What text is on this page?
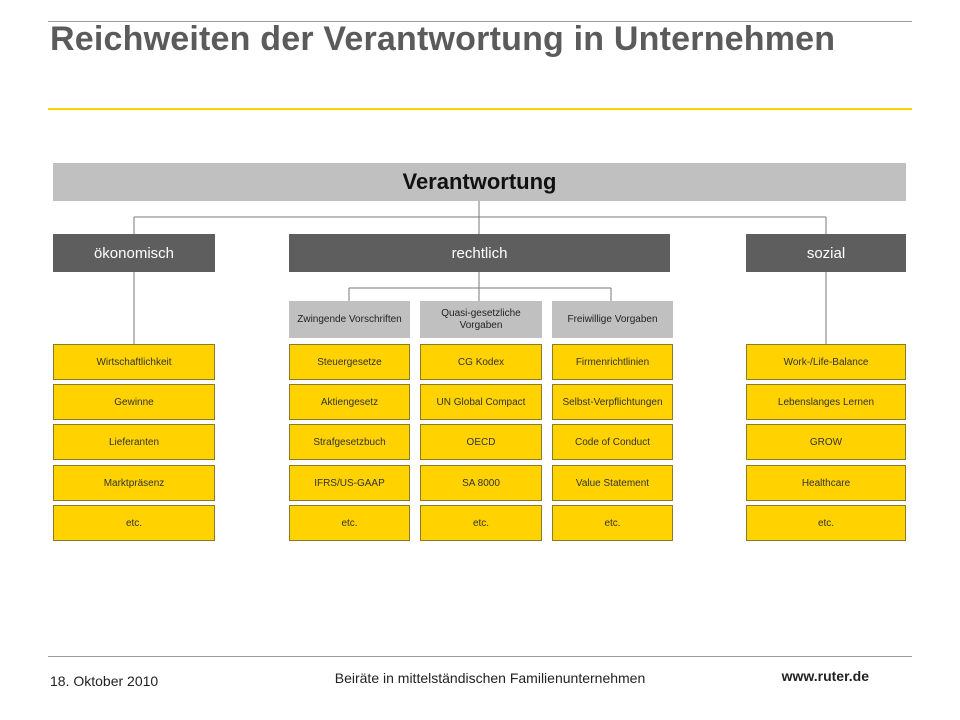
Reichweiten der Verantwortung in Unternehmen
Verantwortung
ökonomisch	rechtlich	sozial
Zwingende Vorschriften
Quasi-gesetzliche Vorgaben
Freiwillige Vorgaben
Wirtschaftlichkeit
Gewinne
Lieferanten
Marktpräsenz
etc.
Steuergesetze
Aktiengesetz
Strafgesetzbuch
IFRS/US-GAAP
etc.
CG Kodex
UN Global Compact
OECD
SA 8000
etc.
Firmenrichtlinien
Selbst-Verpflichtungen
Code of Conduct
Value Statement
etc.
Work-/Life-Balance
Lebenslanges Lernen
GROW
Healthcare
etc.
18. Oktober 2010	Beiräte in mittelständischen Familienunternehmen	www.ruter.de
